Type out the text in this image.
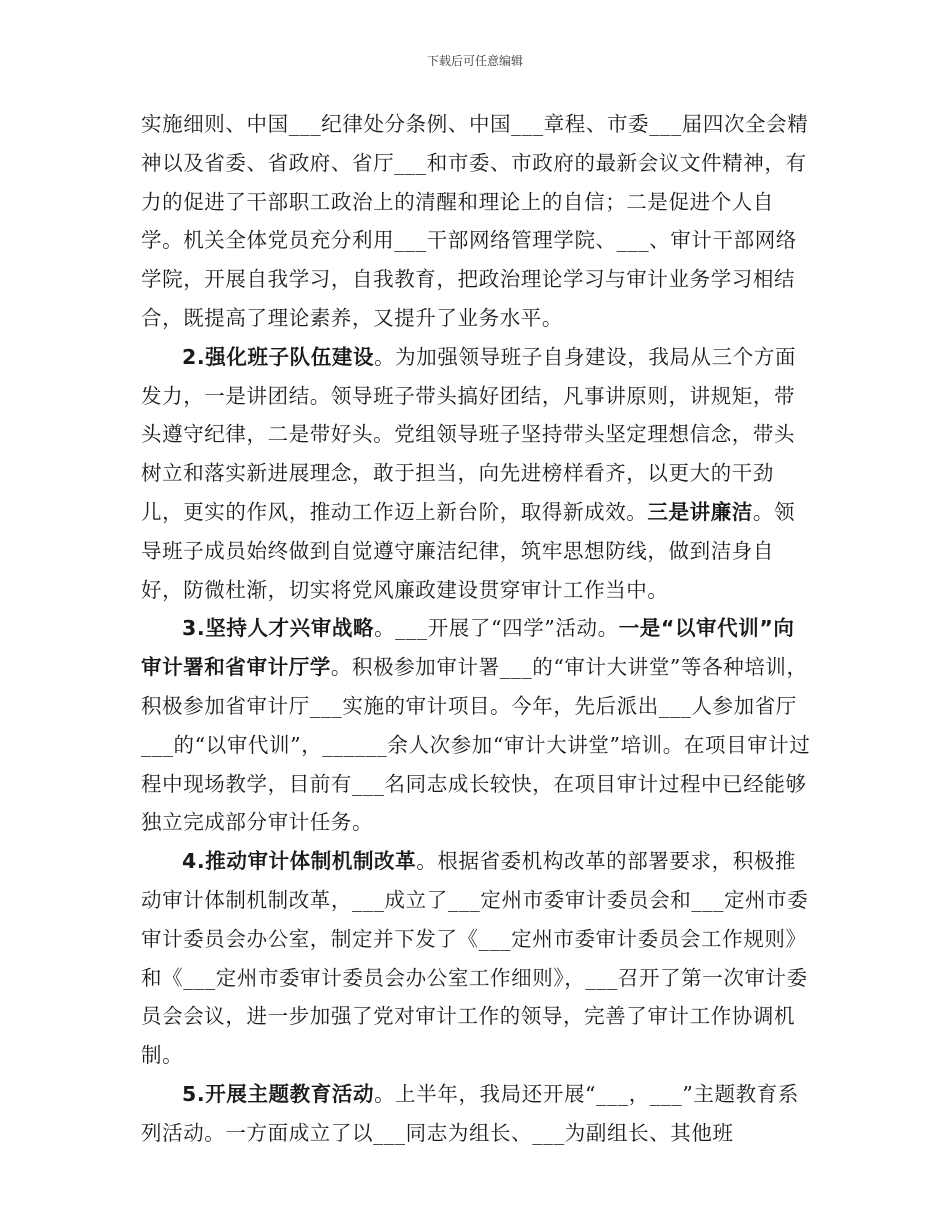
下载后可任意编辑

实施细则、中国___纪律处分条例、中国___章程、市委___届四次全会精神以及省委、省政府、省厅___和市委、市政府的最新会议文件精神，有力的促进了干部职工政治上的清醒和理论上的自信；二是促进个人自学。机关全体党员充分利用___干部网络管理学院、___、审计干部网络学院，开展自我学习，自我教育，把政治理论学习与审计业务学习相结合，既提高了理论素养，又提升了业务水平。

2.强化班子队伍建设。为加强领导班子自身建设，我局从三个方面发力，一是讲团结。领导班子带头搞好团结，凡事讲原则，讲规矩，带头遵守纪律，二是带好头。党组领导班子坚持带头坚定理想信念，带头树立和落实新进展理念，敢于担当，向先进榜样看齐，以更大的干劲儿，更实的作风，推动工作迈上新台阶，取得新成效。三是讲廉洁。领导班子成员始终做到自觉遵守廉洁纪律，筑牢思想防线，做到洁身自好，防微杜渐，切实将党风廉政建设贯穿审计工作当中。

3.坚持人才兴审战略。___开展了“四学”活动。一是“以审代训”向审计署和省审计厅学。积极参加审计署___的“审计大讲堂”等各种培训，积极参加省审计厅___实施的审计项目。今年，先后派出___人参加省厅___的“以审代训”，______余人次参加“审计大讲堂”培训。在项目审计过程中现场教学，目前有___名同志成长较快，在项目审计过程中已经能够独立完成部分审计任务。

4.推动审计体制机制改革。根据省委机构改革的部署要求，积极推动审计体制机制改革，___成立了___定州市委审计委员会和___定州市委审计委员会办公室，制定并下发了《___定州市委审计委员会工作规则》和《___定州市委审计委员会办公室工作细则》，___召开了第一次审计委员会会议，进一步加强了党对审计工作的领导，完善了审计工作协调机制。

5.开展主题教育活动。上半年，我局还开展“___，___”主题教育系列活动。一方面成立了以___同志为组长、___为副组长、其他班
